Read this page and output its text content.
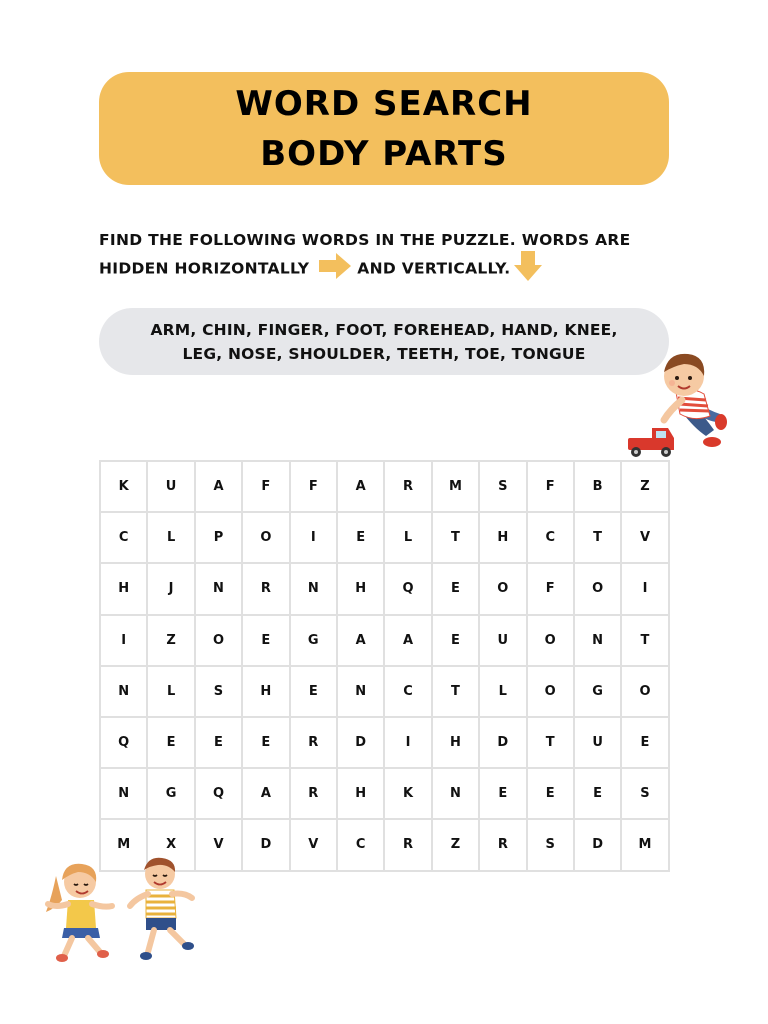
WORD SEARCH
BODY PARTS
FIND THE FOLLOWING WORDS IN THE PUZZLE. WORDS ARE
HIDDEN HORIZONTALLY	AND VERTICALLY.
ARM, CHIN, FINGER, FOOT, FOREHEAD, HAND, KNEE,
LEG, NOSE, SHOULDER, TEETH, TOE, TONGUE
K	U	A	F	F	A	R	M	S	F	B	Z
C	L	P	O	I	E	L	T	H	C	T	V
H	J	N	R	N	H	Q	E	O	F	O	I
I	Z	O	E	G	A	A	E	U	O	N	T
N	L	S	H	E	N	C	T	L	O	G	O
Q	E	E	E	R	D	I	H	D	T	U	E
N	G	Q	A	R	H	K	N	E	E	E	S
M	X	V	D	V	C	R	Z	R	S	D	M
